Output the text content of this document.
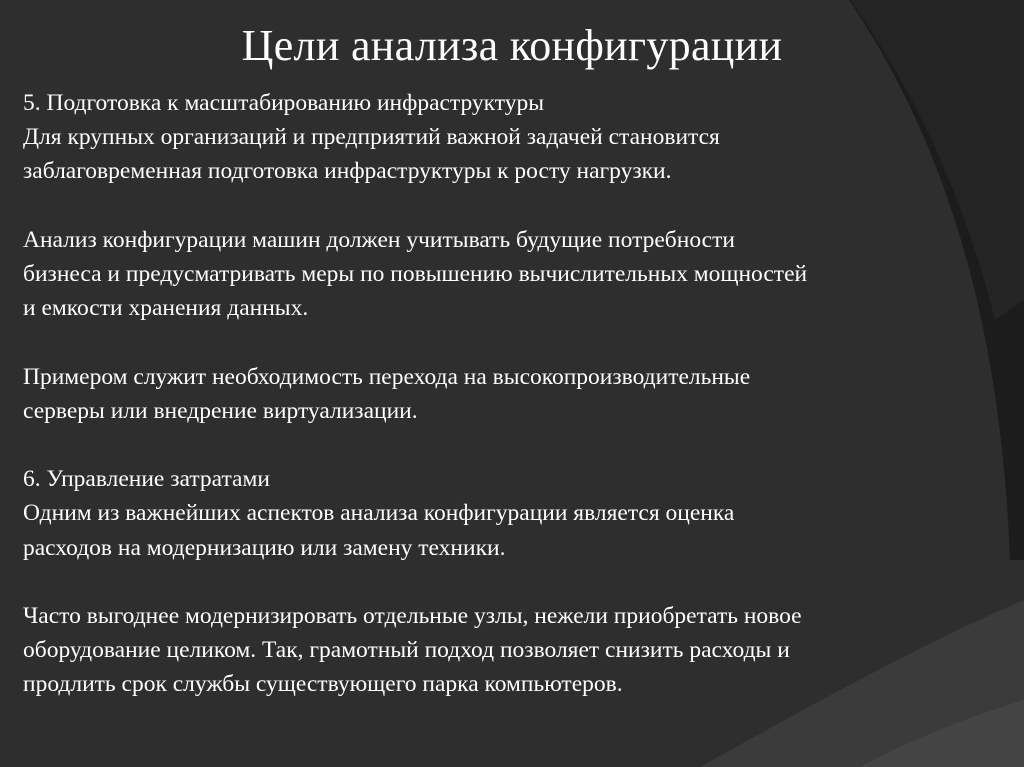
Цели анализа конфигурации

5. Подготовка к масштабированию инфраструктуры
Для крупных организаций и предприятий важной задачей становится
заблаговременная подготовка инфраструктуры к росту нагрузки.

Анализ конфигурации машин должен учитывать будущие потребности
бизнеса и предусматривать меры по повышению вычислительных мощностей
и емкости хранения данных.

Примером служит необходимость перехода на высокопроизводительные
серверы или внедрение виртуализации.

6. Управление затратами
Одним из важнейших аспектов анализа конфигурации является оценка
расходов на модернизацию или замену техники.

Часто выгоднее модернизировать отдельные узлы, нежели приобретать новое
оборудование целиком. Так, грамотный подход позволяет снизить расходы и
продлить срок службы существующего парка компьютеров.
